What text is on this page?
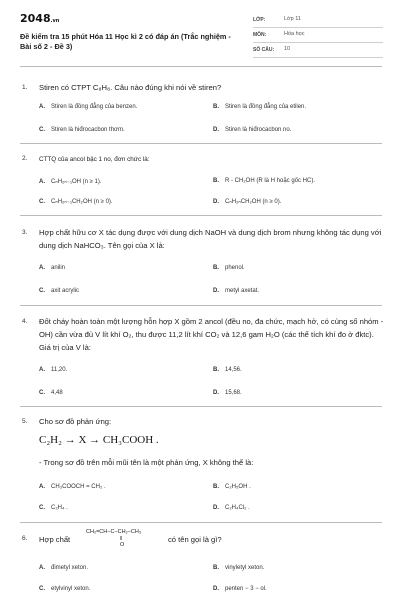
2048.vn
Đề kiểm tra 15 phút Hóa 11 Học kì 2 có đáp án (Trắc nghiệm - Bài số 2 - Đề 3)
LỚP:	Lớp 11
MÔN:	Hóa học
SỐ CÂU: 10
1. Stiren có CTPT C₈H₈. Câu nào đúng khi nói về stiren?
A. Stiren là đồng đẳng của benzen.	B. Stiren là đồng đẳng của etilen.
C. Stiren là hiđrocacbon thơm.	D. Stiren là hiđrocacbon no.
2. CTTQ của ancol bậc 1 no, đơn chức là:
A. CₙH₂ₙ₋₁OH (n ≥ 1).	B. R - CH₂OH (R là H hoặc gốc HC).
C. CₙH₂ₙ₋₁CH₂OH (n ≥ 0).	D. CₙH₂ₙCH₂OH (n ≥ 0).
3. Hợp chất hữu cơ X tác dụng được với dung dịch NaOH và dung dịch brom nhưng không tác dụng với dung dịch NaHCO₃. Tên gọi của X là:
A. anilin	B. phenol.
C. axit acrylic	D. metyl axetat.
4. Đốt cháy hoàn toàn một lượng hỗn hợp X gồm 2 ancol (đều no, đa chức, mạch hở, có cùng số nhóm - OH) cần vừa đủ V lít khí O₂, thu được 11,2 lít khí CO₂ và 12,6 gam H₂O (các thể tích khí đo ở đktc). Giá trị của V là:
A. 11,20.	B. 14,56.
C. 4,48	D. 15,68.
5. Cho sơ đồ phản ứng:
C₂H₂ → X → CH₃COOH .
- Trong sơ đồ trên mỗi mũi tên là một phản ứng, X không thể là:
A. CH₃COOCH = CH₂ .	B. C₂H₅OH .
C. C₂H₄ .	D. C₂H₄Cl₂ .
6. Hợp chất
CH₂=CH−C−CH₂−CH₃
‖
O
có tên gọi là gì?
A. đimetyl xeton.	B. vinyletyl xeton.
C. etylvinyl xeton.	D. penten − 3 − ol.
